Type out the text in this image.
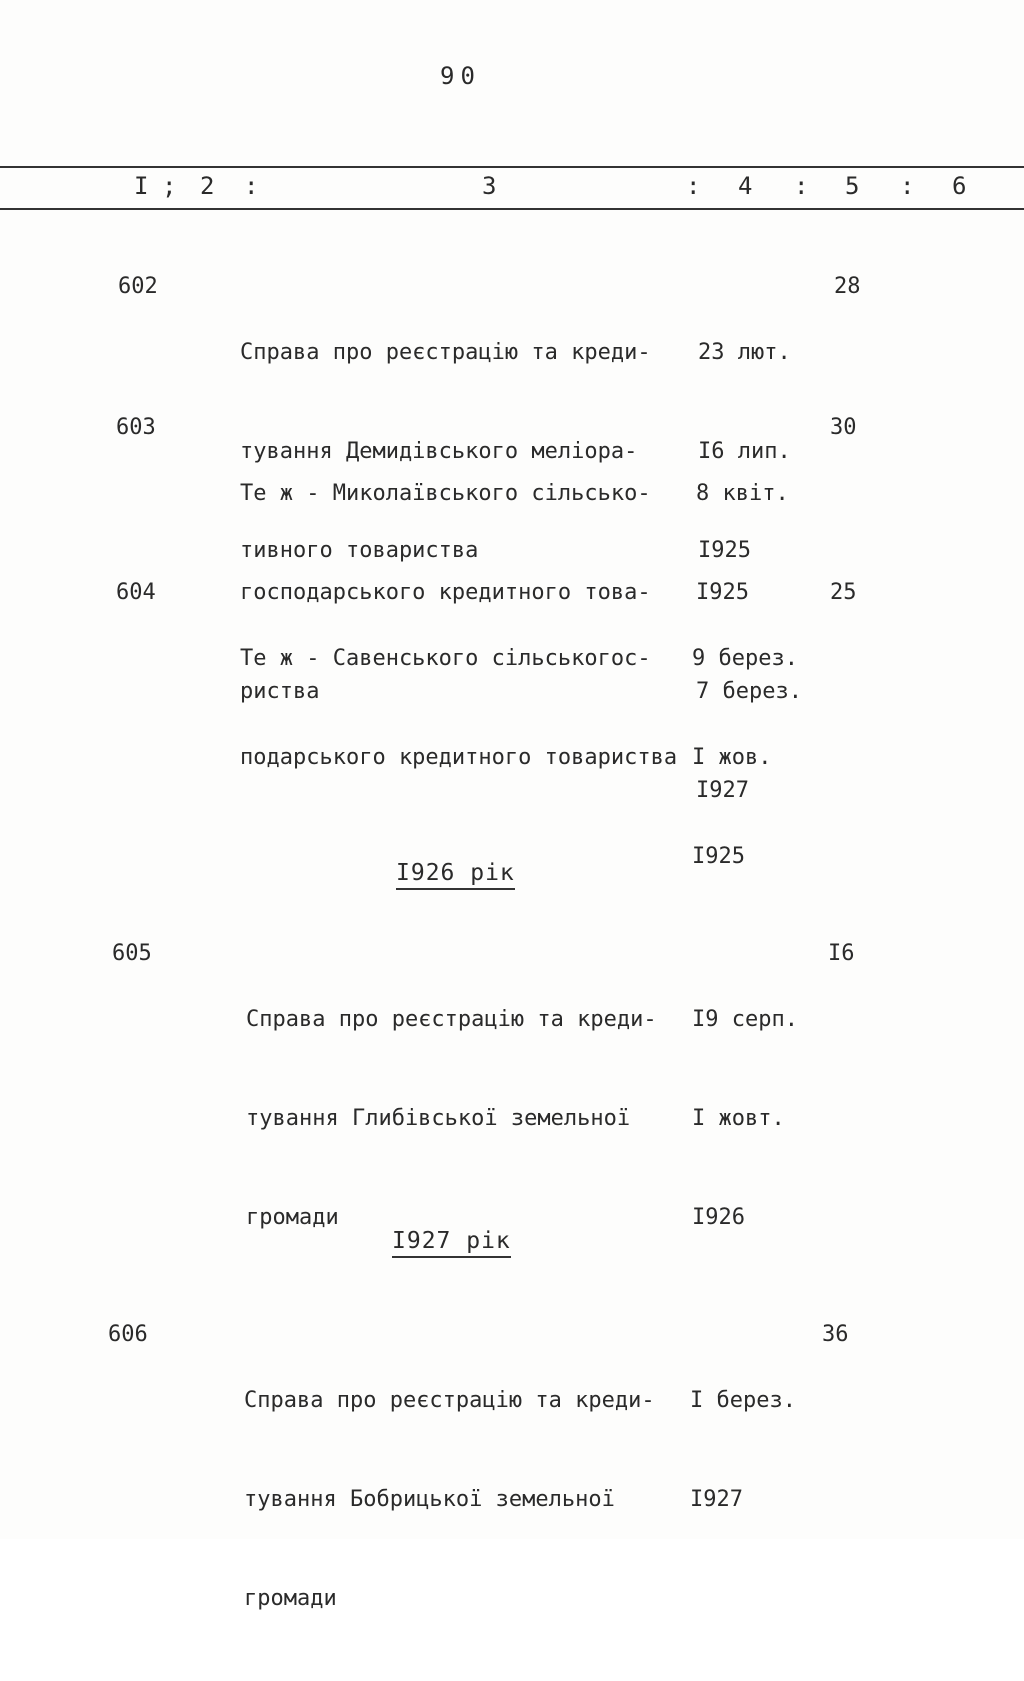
90
I ; 2 :	3	: 4 : 5 : 6
602

Справа про реєстрацію та креди-

тування Демидівського меліора-

тивного товариства

23 лют.

I6 лип.

I925

28
603

Те ж - Миколаївського сільсько-

господарського кредитного това-

риства

8 квіт.

I925

7 берез.

I927

30
604

Те ж - Савенського сільськогос-

подарського кредитного товариства

9 берез.

I жов.

I925

25
I926 рік
605

Справа про реєстрацію та креди-

тування Глибівської земельної

громади

I9 серп.

I жовт.

I926

I6
I927 рік
606

Справа про реєстрацію та креди-

тування Бобрицької земельної

громади

I берез.

I927

36
